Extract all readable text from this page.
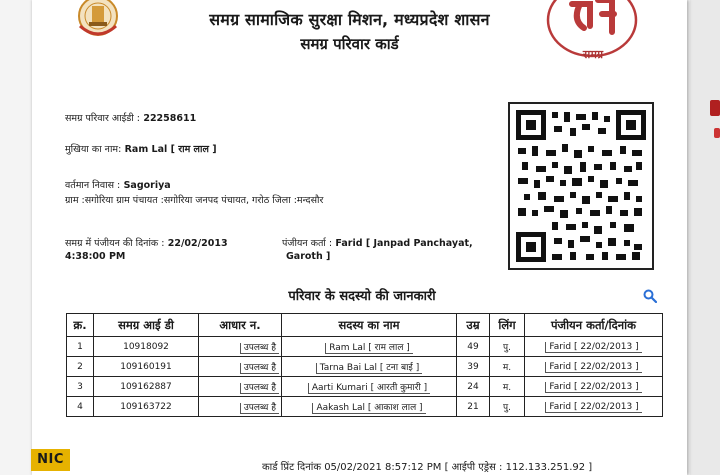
समग्र सामाजिक सुरक्षा मिशन, मध्यप्रदेश शासन
समग्र परिवार कार्ड
समग्र
समग्र परिवार आईडी : 22258611
मुखिया का नाम: Ram Lal [ राम लाल ]
वर्तमान निवास : Sagoriya
ग्राम :सगोरिया ग्राम पंचायत :सगोरिया जनपद पंचायत, गरोठ जिला :मन्दसौर
समग्र में पंजीयन की दिनांक : 22/02/2013
4:38:00 PM
पंजीयन कर्ता : Farid [ Janpad Panchayat,
Garoth ]
परिवार के सदस्यो की जानकारी
क्र.	समग्र आई डी	आधार न.	सदस्य का नाम	उम्र	लिंग	पंजीयन कर्ता/दिनांक
1	10918092	उपलब्ध है	Ram Lal [ राम लाल ]	49	पु.	Farid [ 22/02/2013 ]
2	109160191	उपलब्ध है	Tarna Bai Lal [ टना बाई ]	39	म.	Farid [ 22/02/2013 ]
3	109162887	उपलब्ध है	Aarti Kumari [ आरती कुमारी ]	24	म.	Farid [ 22/02/2013 ]
4	109163722	उपलब्ध है	Aakash Lal [ आकाश लाल ]	21	पु.	Farid [ 22/02/2013 ]
कार्ड प्रिंट दिनांक 05/02/2021 8:57:12 PM [ आईपी एड्रेस : 112.133.251.92 ]
NIC
